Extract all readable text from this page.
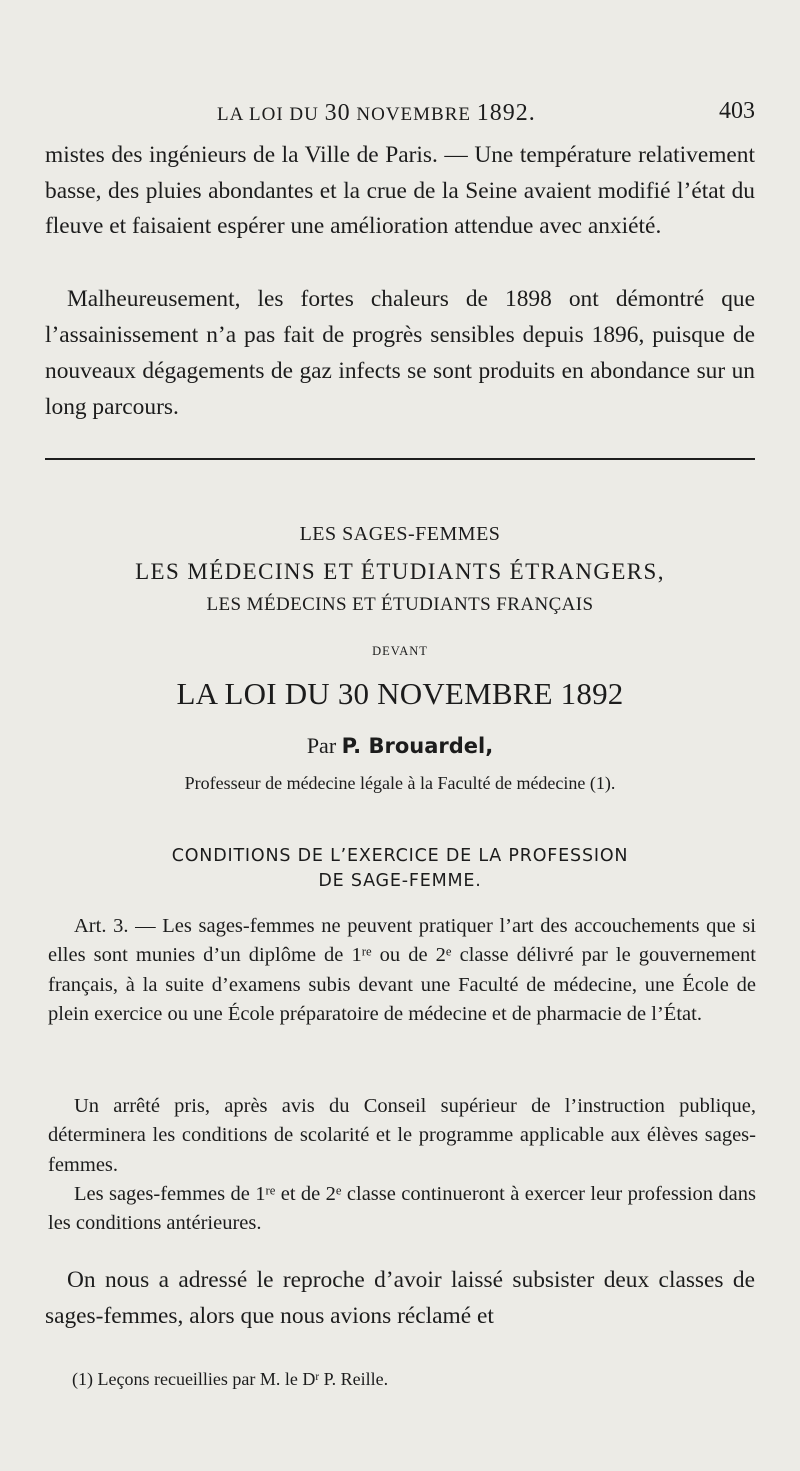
LA LOI DU 30 NOVEMBRE 1892.	403

mistes des ingénieurs de la Ville de Paris. — Une température relativement basse, des pluies abondantes et la crue de la Seine avaient modifié l’état du fleuve et faisaient espérer une amélioration attendue avec anxiété.

Malheureusement, les fortes chaleurs de 1898 ont démontré que l’assainissement n’a pas fait de progrès sensibles depuis 1896, puisque de nouveaux dégagements de gaz infects se sont produits en abondance sur un long parcours.

LES SAGES-FEMMES

LES MÉDECINS ET ÉTUDIANTS ÉTRANGERS,

LES MÉDECINS ET ÉTUDIANTS FRANÇAIS

DEVANT

LA LOI DU 30 NOVEMBRE 1892

Par P. Brouardel,

Professeur de médecine légale à la Faculté de médecine (1).

CONDITIONS DE L’EXERCICE DE LA PROFESSION

DE SAGE-FEMME.

Art. 3. — Les sages-femmes ne peuvent pratiquer l’art des accouchements que si elles sont munies d’un diplôme de 1re ou de 2e classe délivré par le gouvernement français, à la suite d’examens subis devant une Faculté de médecine, une École de plein exercice ou une École préparatoire de médecine et de pharmacie de l’État.

Un arrêté pris, après avis du Conseil supérieur de l’instruction publique, déterminera les conditions de scolarité et le programme applicable aux élèves sages-femmes.

Les sages-femmes de 1re et de 2e classe continueront à exercer leur profession dans les conditions antérieures.

On nous a adressé le reproche d’avoir laissé subsister deux classes de sages-femmes, alors que nous avions réclamé et

(1) Leçons recueillies par M. le $D^r$ P. Reille.
